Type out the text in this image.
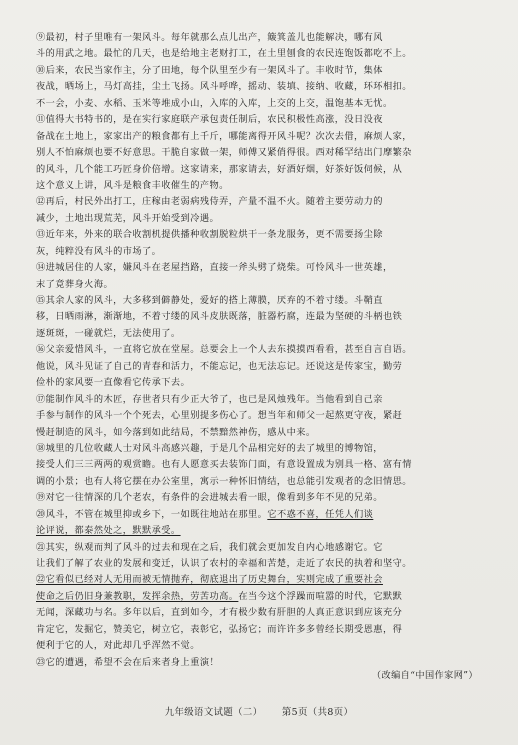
⑨最初，村子里唯有一架风斗。每年就那么点儿出产，簸箕盖儿也能解决，哪有风
斗的用武之地。最忙的几天，也是给地主老财打工，在土里刨食的农民连饱饭都吃不上。
⑩后来，农民当家作主，分了田地，每个队里至少有一架风斗了。丰收时节，集体
夜战，晒场上，马灯高挂，尘土飞扬。风斗呼哗，摇动、装填、接纳、收藏，环环相扣。
不一会，小麦、水稻、玉米等堆成小山，入库的入库，上交的上交，温饱基本无忧。
⑪值得大书特书的，是在实行家庭联产承包责任制后，农民积极性高涨，没日没夜
备战在土地上，家家出产的粮食都有上千斤，哪能离得开风斗呢？次次去借，麻烦人家，
别人不怕麻烦也要不好意思。干脆自家做一架，师傅又紧俏得很。西对稀罕结出门摩繁杂
的风斗，几个能工巧匠身价倍增。这家请来，那家请去，好酒好烟，好茶好饭伺候，从
这个意义上讲，风斗是粮食丰收催生的产物。
⑫再后，村民外出打工，庄稼由老弱病残侍弄，产量不温不火。随着主要劳动力的
减少，土地出现荒芜，风斗开始受到冷遇。
⑬近年来，外来的联合收割机提供播种收割脱粒烘干一条龙服务，更不需要扬尘除
灰，纯粹没有风斗的市场了。
⑭进城居住的人家，嫌风斗在老屋挡路，直接一斧头劈了烧柴。可怜风斗一世英雄，
末了竟葬身火海。
⑮其余人家的风斗，大多移到僻静处，爱好的搭上薄膜，厌弃的不着寸缕。斗鞘直
移，日晒雨淋，渐渐地，不着寸缕的风斗皮肤既落，脏器朽腐，连最为坚硬的斗柄也铁
逐斑斑，一碰就烂，无法使用了。
⑯父亲爱惜风斗，一直将它放在堂屋。总要会上一个人去东摸摸西看看，甚至自言自语。
他说，风斗见证了自己的青春和活力，不能忘记，也无法忘记。还说这是传家宝，勤劳
俭朴的家风要一直像看它传承下去。
⑰能制作风斗的木匠，存世者只有少正大爷了，也已是风烛残年。当他看到自己亲
手参与制作的风斗一个个死去，心里别提多伤心了。想当年和师父一起熬更守夜，紧赶
慢赶制造的风斗，如今落到如此结局，不禁黯然神伤，感从中来。
⑱城里的几位收藏人士对风斗高感兴趣，于是几个品相完好的去了城里的博物馆，
接受人们三三两两的观赏瞻。也有人愿意买去装饰门面，有意设置成为别具一格、富有情
调的小景；也有人将它摆在办公室里，寓示一种怀旧情结，也总能引发观者的念旧情思。
⑲对它一往情深的几个老农，有条件的会进城去看一眼，像看到多年不见的兄弟。
⑳风斗，不管在城里抑或乡下，一如既往地站在那里。它不惑不喜，任凭人们谈
论评说，都泰然处之，默默承受。
㉑其实，纵观而判了风斗的过去和现在之后，我们就会更加发自内心地感谢它。它
让我们了解了农业的发展和变迁，认识了农村的幸福和苦楚，走近了农民的执着和坚守。
㉒它看似已经对人无用而被无情抛弃，彻底退出了历史舞台，实则完成了重要社会
使命之后仍旧身兼教职，发挥余热，劳苦功高。在当今这个浮躁而喧嚣的时代，它默默
无闻，深藏功与名。多年以后，直到如今，才有极少数有肝胆的人真正意识到应该充分
肯定它，发掘它，赞美它，树立它，表彰它，弘扬它；而许许多多曾经长期受恩惠，得
便利于它的人，对此却几乎浑然不觉。
㉓它的遭遇，希望不会在后来者身上重演！
（改编自“中国作家网”）
九年级语文试题（二） 第5页（共8页）
